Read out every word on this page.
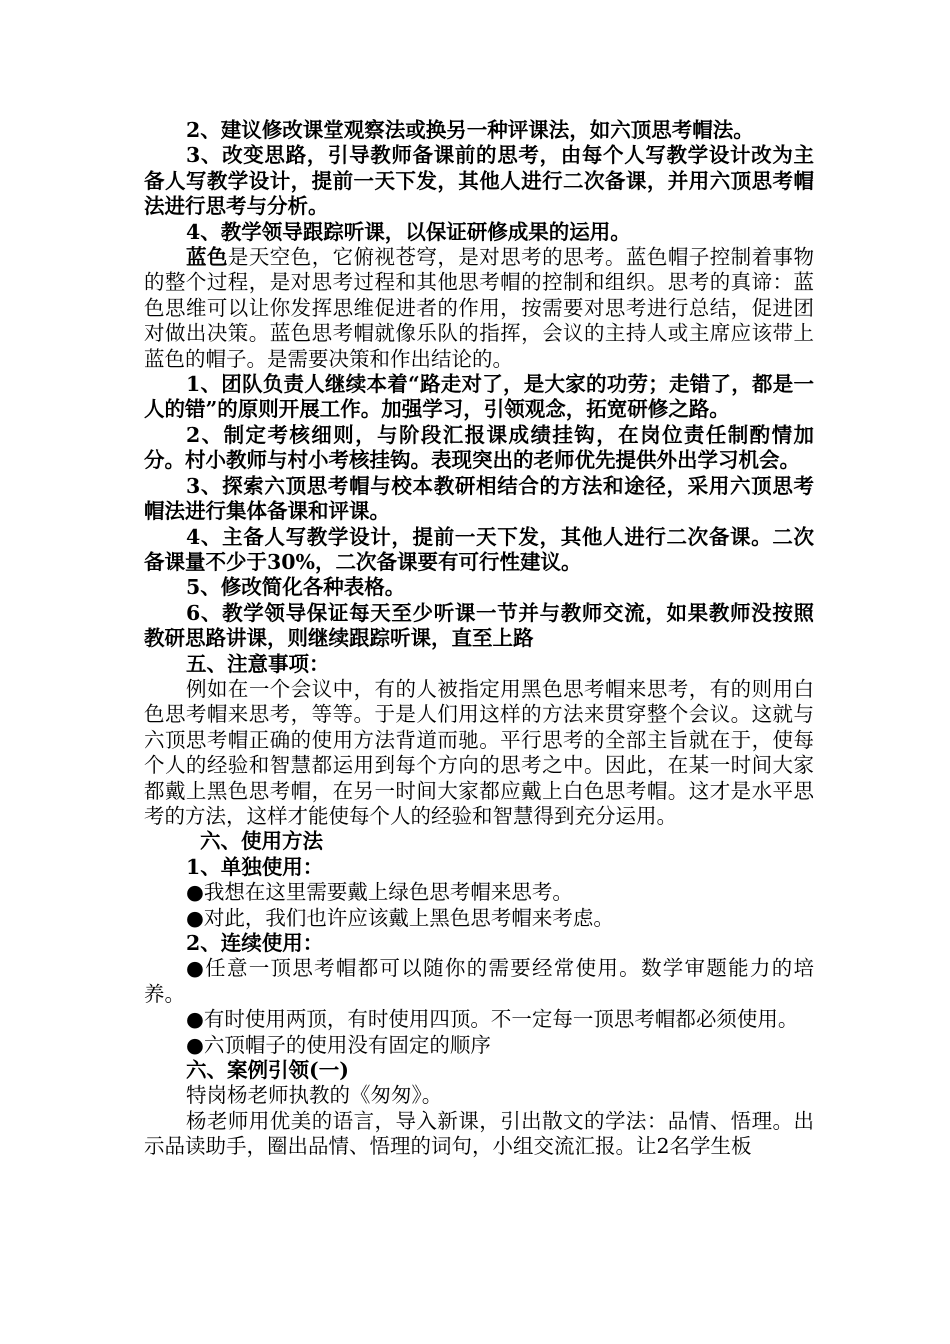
2、建议修改课堂观察法或换另一种评课法，如六顶思考帽法。

3、改变思路，引导教师备课前的思考，由每个人写教学设计改为主备人写教学设计，提前一天下发，其他人进行二次备课，并用六顶思考帽法进行思考与分析。

4、教学领导跟踪听课，以保证研修成果的运用。

蓝色是天空色，它俯视苍穹，是对思考的思考。蓝色帽子控制着事物的整个过程，是对思考过程和其他思考帽的控制和组织。思考的真谛：蓝色思维可以让你发挥思维促进者的作用，按需要对思考进行总结，促进团对做出决策。蓝色思考帽就像乐队的指挥，会议的主持人或主席应该带上蓝色的帽子。是需要决策和作出结论的。

1、团队负责人继续本着“路走对了，是大家的功劳；走错了，都是一人的错”的原则开展工作。加强学习，引领观念，拓宽研修之路。

2、制定考核细则，与阶段汇报课成绩挂钩，在岗位责任制酌情加分。村小教师与村小考核挂钩。表现突出的老师优先提供外出学习机会。

3、探索六顶思考帽与校本教研相结合的方法和途径，采用六顶思考帽法进行集体备课和评课。

4、主备人写教学设计，提前一天下发，其他人进行二次备课。二次备课量不少于30%，二次备课要有可行性建议。

5、修改简化各种表格。

6、教学领导保证每天至少听课一节并与教师交流，如果教师没按照教研思路讲课，则继续跟踪听课，直至上路

五、注意事项：

例如在一个会议中，有的人被指定用黑色思考帽来思考，有的则用白色思考帽来思考，等等。于是人们用这样的方法来贯穿整个会议。这就与六顶思考帽正确的使用方法背道而驰。平行思考的全部主旨就在于，使每个人的经验和智慧都运用到每个方向的思考之中。因此，在某一时间大家都戴上黑色思考帽，在另一时间大家都应戴上白色思考帽。这才是水平思考的方法，这样才能使每个人的经验和智慧得到充分运用。

六、使用方法

1、单独使用：

●我想在这里需要戴上绿色思考帽来思考。

●对此，我们也许应该戴上黑色思考帽来考虑。

2、连续使用：

●任意一顶思考帽都可以随你的需要经常使用。数学审题能力的培养。

●有时使用两顶，有时使用四顶。不一定每一顶思考帽都必须使用。

●六顶帽子的使用没有固定的顺序

六、案例引领(一)

特岗杨老师执教的《匆匆》。

杨老师用优美的语言，导入新课，引出散文的学法：品情、悟理。出示品读助手，圈出品情、悟理的词句，小组交流汇报。让2名学生板
